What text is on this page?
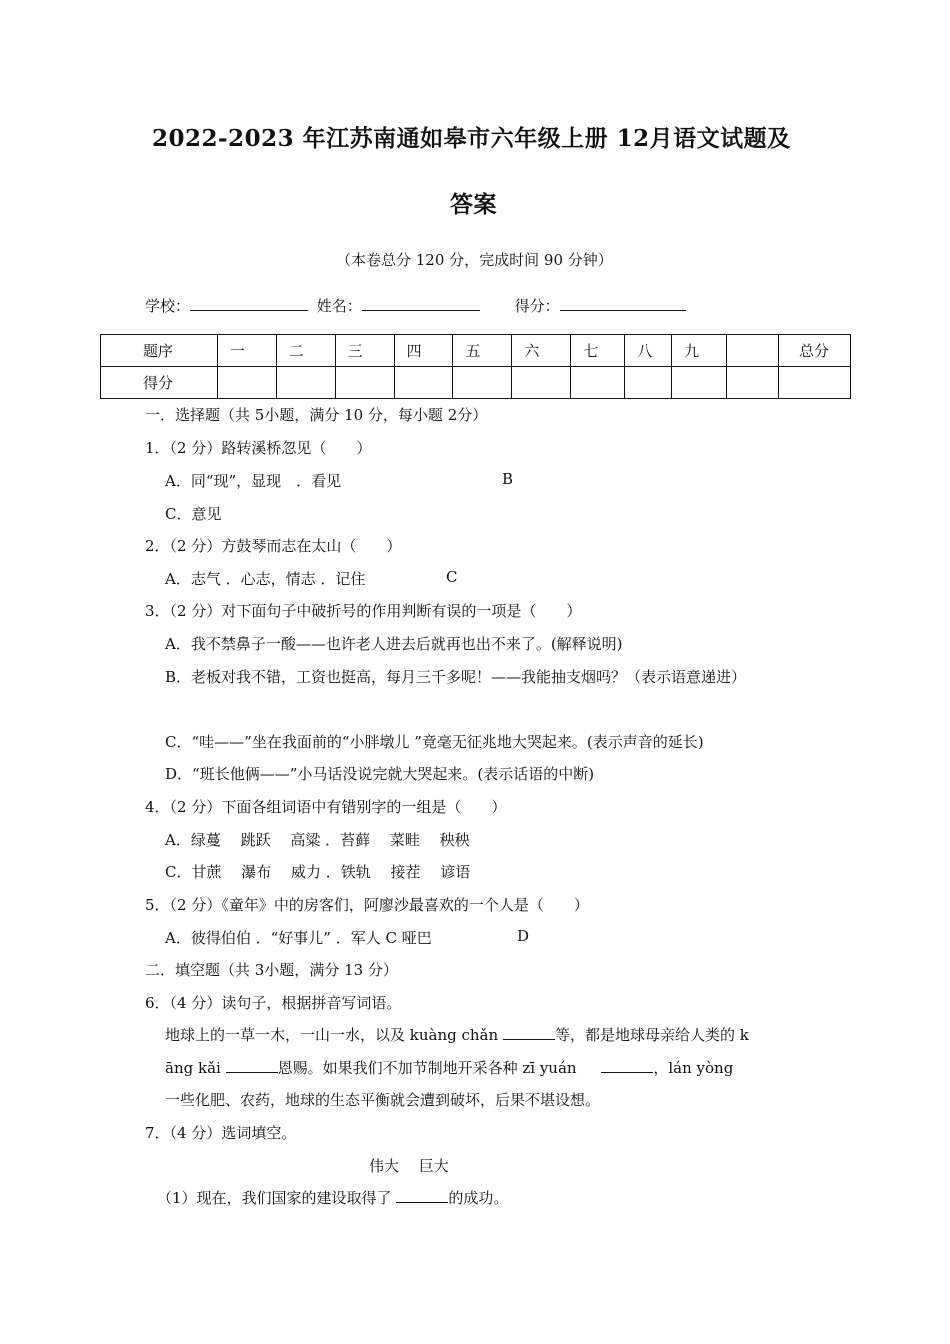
2022-2023 年江苏南通如皋市六年级上册 12月语文试题及
答案
（本卷总分 120 分，完成时间 90 分钟）
学校：	姓名：	得分：
题序	一	二	三	四	五	六	七	八	九		总分
得分											
一．选择题（共 5小题，满分 10 分，每小题 2分）
1．（2 分）路转溪桥忽见（　　）
A．同“现”，显现　．看见	B
C．意见
2．（2 分）方鼓琴而志在太山（　　）
A．志气 ．心志，情志 ．记住	C
3．（2 分）对下面句子中破折号的作用判断有误的一项是（　　）
A．我不禁鼻子一酸——也许老人进去后就再也出不来了。(解释说明)
B．老板对我不错，工资也挺高，每月三千多呢！——我能抽支烟吗？（表示语意递进）
C．“哇——”坐在我面前的“小胖墩儿 ”竟毫无征兆地大哭起来。(表示声音的延长)
D．“班长他俩——”小马话没说完就大哭起来。(表示话语的中断)
4．（2 分）下面各组词语中有错别字的一组是（　　）
A．绿蔓　 跳跃　 高粱 ．苔藓　 菜畦　 秧秧
C．甘蔗　 瀑布　 威力 ．铁轨　 接茬　 谚语
5．（2 分）《童年》中的房客们，阿廖沙最喜欢的一个人是（　　）
A．彼得伯伯 ．“好事儿” ．军人 C 哑巴	D
二．填空题（共 3小题，满分 13 分）
6．（4 分）读句子，根据拼音写词语。
地球上的一草一木，一山一水，以及 kuàng chǎn	等，都是地球母亲给人类的 k
āng kǎi	恩赐。如果我们不加节制地开采各种 zī yuán	，lán yòng
一些化肥、农药，地球的生态平衡就会遭到破坏，后果不堪设想。
7．（4 分）选词填空。
伟大　 巨大
（1）现在，我们国家的建设取得了	的成功。
